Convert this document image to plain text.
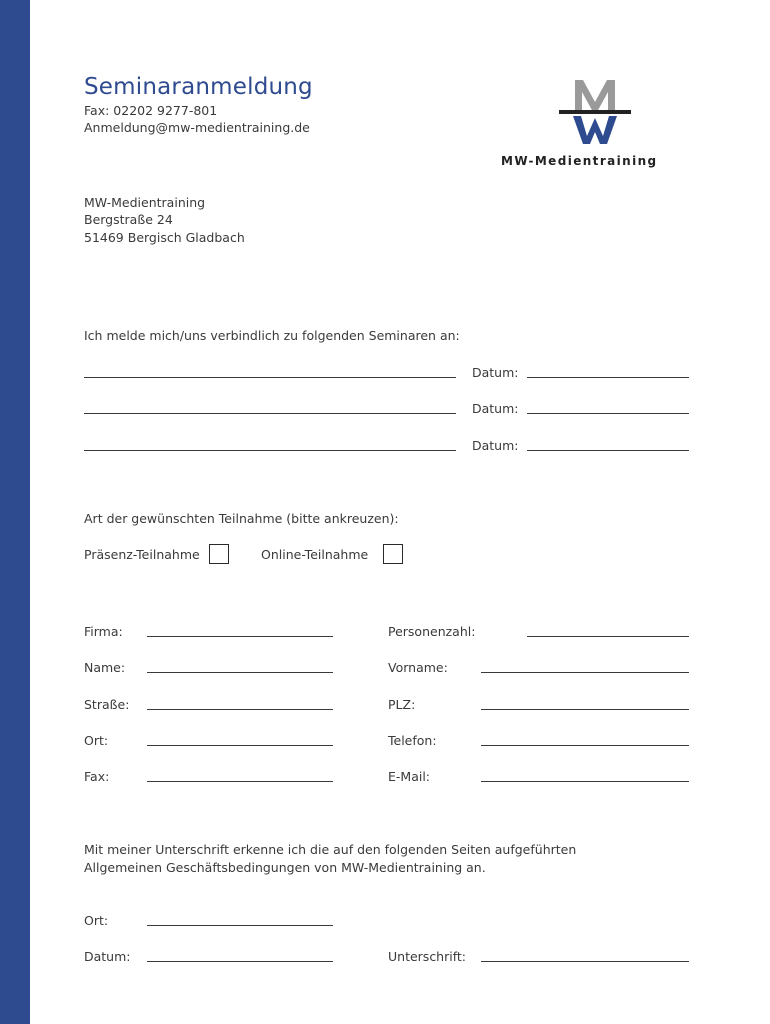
Seminaranmeldung
Fax: 02202 9277-801
Anmeldung@mw-medientraining.de
MW-Medientraining
MW-Medientraining
Bergstraße 24
51469 Bergisch Gladbach
Ich melde mich/uns verbindlich zu folgenden Seminaren an:
Datum:
Datum:
Datum:
Art der gewünschten Teilnahme (bitte ankreuzen):
Präsenz-Teilnahme	Online-Teilnahme
Firma:	Personenzahl:
Name:	Vorname:
Straße:	PLZ:
Ort:	Telefon:
Fax:	E-Mail:
Mit meiner Unterschrift erkenne ich die auf den folgenden Seiten aufgeführten
Allgemeinen Geschäftsbedingungen von MW-Medientraining an.
Ort:
Datum:	Unterschrift:
